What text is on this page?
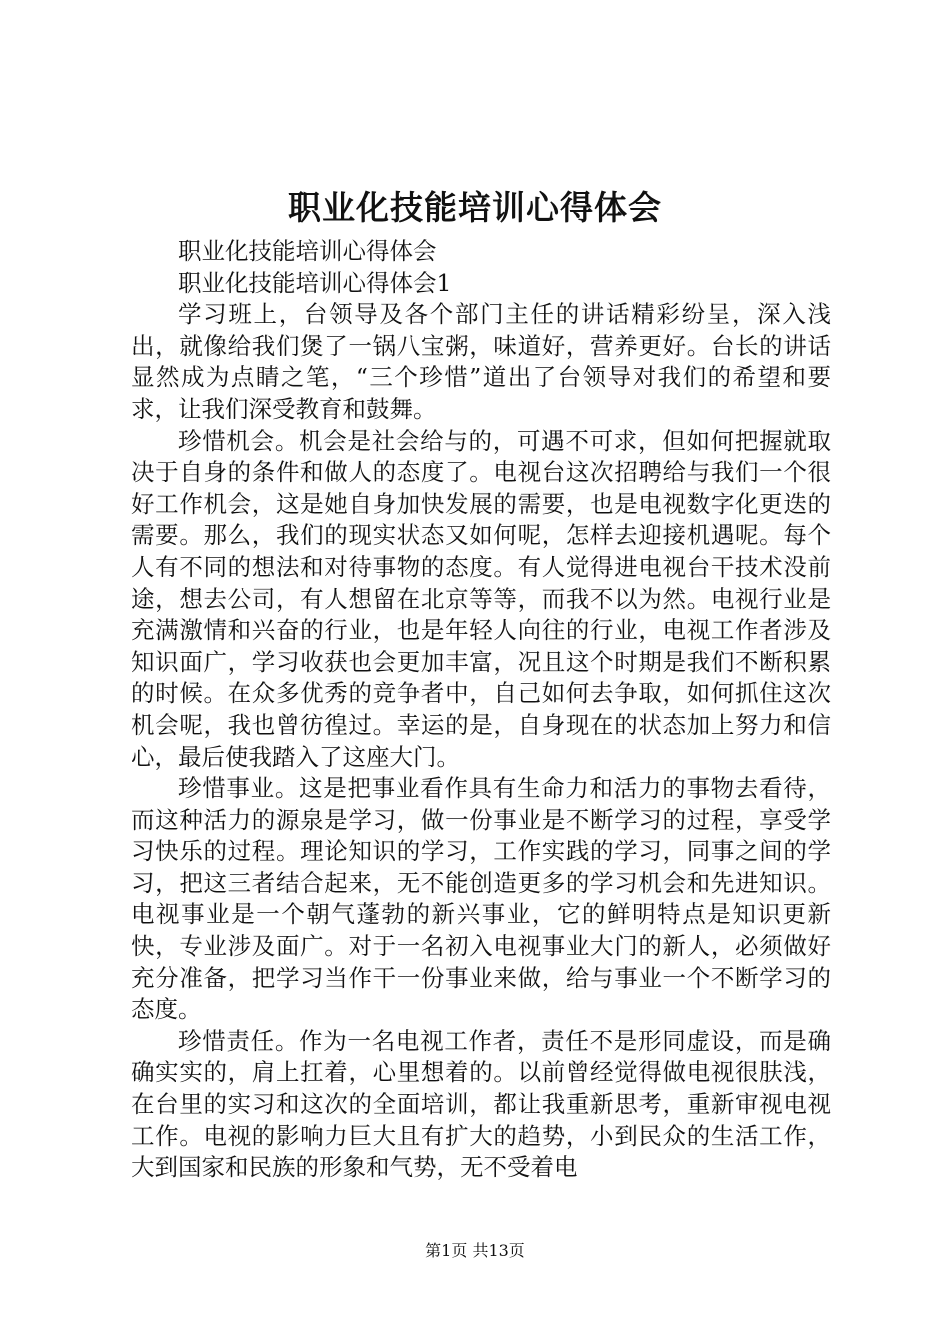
职业化技能培训心得体会

职业化技能培训心得体会

职业化技能培训心得体会1

学习班上，台领导及各个部门主任的讲话精彩纷呈，深入浅出，就像给我们煲了一锅八宝粥，味道好，营养更好。台长的讲话显然成为点睛之笔，“三个珍惜”道出了台领导对我们的希望和要求，让我们深受教育和鼓舞。

珍惜机会。机会是社会给与的，可遇不可求，但如何把握就取决于自身的条件和做人的态度了。电视台这次招聘给与我们一个很好工作机会，这是她自身加快发展的需要，也是电视数字化更迭的需要。那么，我们的现实状态又如何呢，怎样去迎接机遇呢。每个人有不同的想法和对待事物的态度。有人觉得进电视台干技术没前途，想去公司，有人想留在北京等等，而我不以为然。电视行业是充满激情和兴奋的行业，也是年轻人向往的行业，电视工作者涉及知识面广，学习收获也会更加丰富，况且这个时期是我们不断积累的时候。在众多优秀的竞争者中，自己如何去争取，如何抓住这次机会呢，我也曾彷徨过。幸运的是，自身现在的状态加上努力和信心，最后使我踏入了这座大门。

珍惜事业。这是把事业看作具有生命力和活力的事物去看待，而这种活力的源泉是学习，做一份事业是不断学习的过程，享受学习快乐的过程。理论知识的学习，工作实践的学习，同事之间的学习，把这三者结合起来，无不能创造更多的学习机会和先进知识。电视事业是一个朝气蓬勃的新兴事业，它的鲜明特点是知识更新快，专业涉及面广。对于一名初入电视事业大门的新人，必须做好充分准备，把学习当作干一份事业来做，给与事业一个不断学习的态度。

珍惜责任。作为一名电视工作者，责任不是形同虚设，而是确确实实的，肩上扛着，心里想着的。以前曾经觉得做电视很肤浅，在台里的实习和这次的全面培训，都让我重新思考，重新审视电视工作。电视的影响力巨大且有扩大的趋势，小到民众的生活工作，大到国家和民族的形象和气势，无不受着电

第1页 共13页
